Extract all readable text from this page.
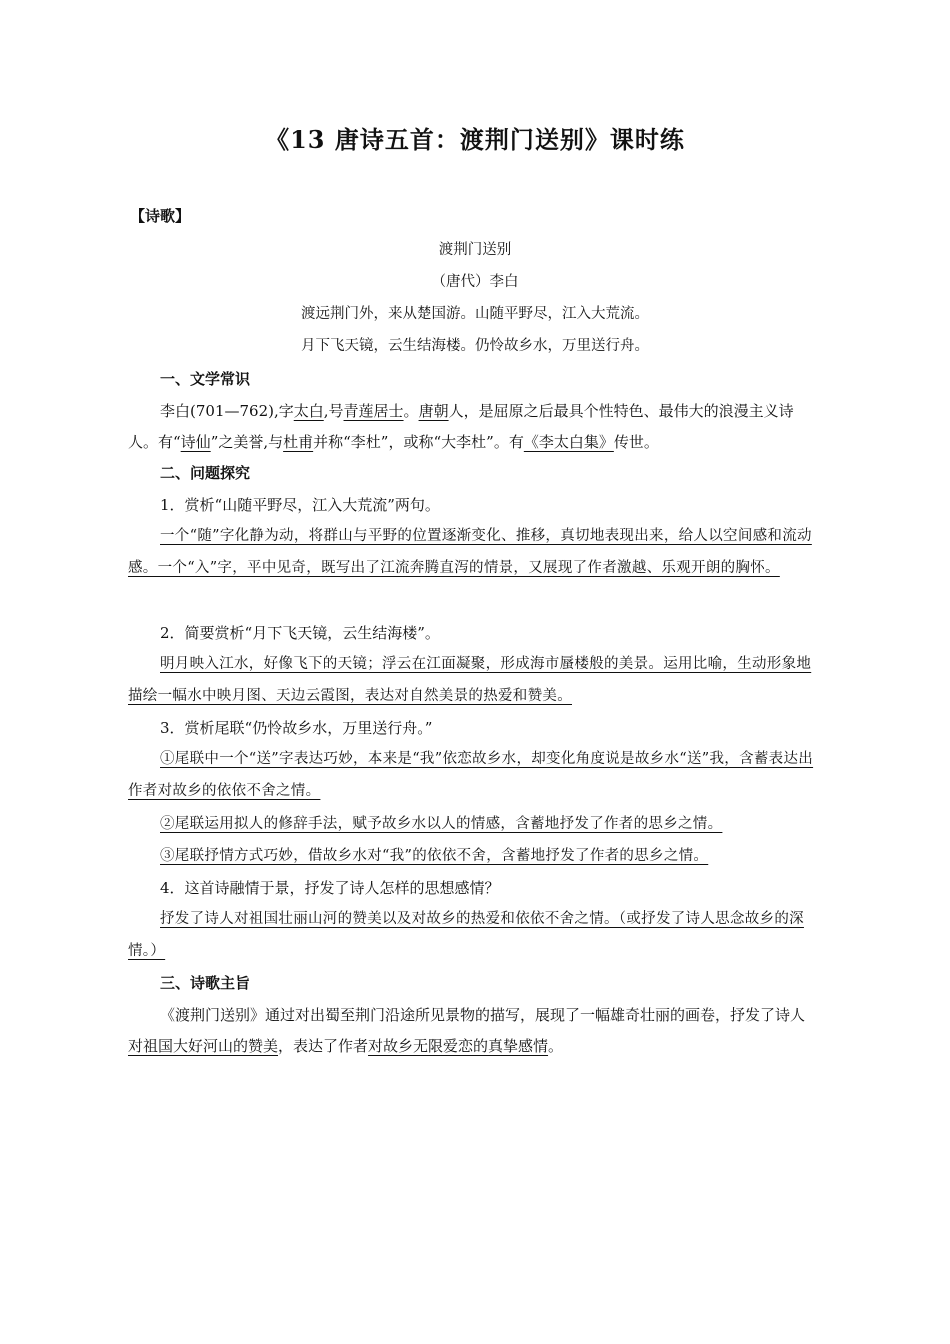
《13 唐诗五首：渡荆门送别》课时练
【诗歌】
渡荆门送别
（唐代）李白
渡远荆门外，来从楚国游。山随平野尽，江入大荒流。
月下飞天镜，云生结海楼。仍怜故乡水，万里送行舟。
一、文学常识
李白(701—762),字太白,号青莲居士。唐朝人，是屈原之后最具个性特色、最伟大的浪漫主义诗人。有“诗仙”之美誉,与杜甫并称“李杜”，或称“大李杜”。有《李太白集》传世。
二、问题探究
1．赏析“山随平野尽，江入大荒流”两句。
一个“随”字化静为动，将群山与平野的位置逐渐变化、推移，真切地表现出来，给人以空间感和流动感。一个“入”字，平中见奇，既写出了江流奔腾直泻的情景，又展现了作者激越、乐观开朗的胸怀。
2．简要赏析“月下飞天镜，云生结海楼”。
明月映入江水，好像飞下的天镜；浮云在江面凝聚，形成海市蜃楼般的美景。运用比喻，生动形象地描绘一幅水中映月图、天边云霞图，表达对自然美景的热爱和赞美。
3．赏析尾联“仍怜故乡水，万里送行舟。”
①尾联中一个“送”字表达巧妙，本来是“我”依恋故乡水，却变化角度说是故乡水“送”我，含蓄表达出作者对故乡的依依不舍之情。
②尾联运用拟人的修辞手法，赋予故乡水以人的情感，含蓄地抒发了作者的思乡之情。
③尾联抒情方式巧妙，借故乡水对“我”的依依不舍，含蓄地抒发了作者的思乡之情。
4．这首诗融情于景，抒发了诗人怎样的思想感情？
抒发了诗人对祖国壮丽山河的赞美以及对故乡的热爱和依依不舍之情。（或抒发了诗人思念故乡的深情。）
三、诗歌主旨
《渡荆门送别》通过对出蜀至荆门沿途所见景物的描写，展现了一幅雄奇壮丽的画卷，抒发了诗人对祖国大好河山的赞美，表达了作者对故乡无限爱恋的真挚感情。
